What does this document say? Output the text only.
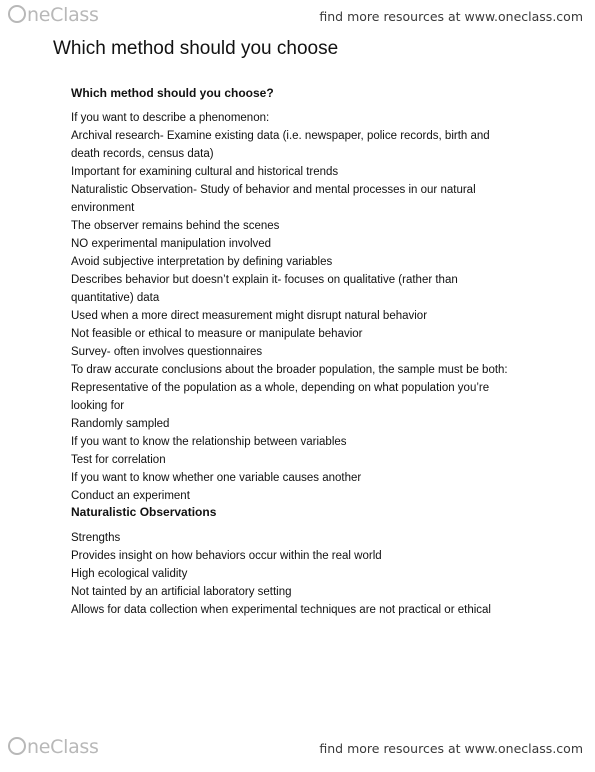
neClass	find more resources at www.oneclass.com
Which method should you choose
Which method should you choose?
If you want to describe a phenomenon:
Archival research- Examine existing data (i.e. newspaper, police records, birth and
death records, census data)
Important for examining cultural and historical trends
Naturalistic Observation- Study of behavior and mental processes in our natural
environment
The observer remains behind the scenes
NO experimental manipulation involved
Avoid subjective interpretation by defining variables
Describes behavior but doesn’t explain it- focuses on qualitative (rather than
quantitative) data
Used when a more direct measurement might disrupt natural behavior
Not feasible or ethical to measure or manipulate behavior
Survey- often involves questionnaires
To draw accurate conclusions about the broader population, the sample must be both:
Representative of the population as a whole, depending on what population you’re
looking for
Randomly sampled
If you want to know the relationship between variables
Test for correlation
If you want to know whether one variable causes another
Conduct an experiment
Naturalistic Observations
Strengths
Provides insight on how behaviors occur within the real world
High ecological validity
Not tainted by an artificial laboratory setting
Allows for data collection when experimental techniques are not practical or ethical
neClass	find more resources at www.oneclass.com
